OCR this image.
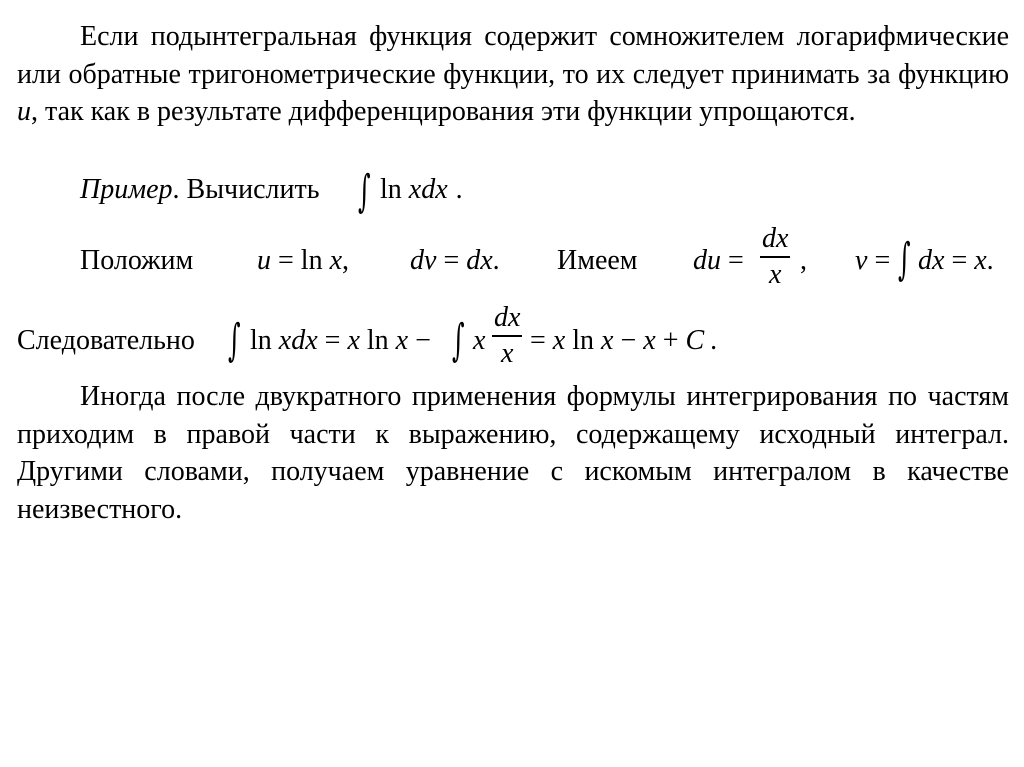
Если подынтегральная функция содержит сомножителем логарифмические или обратные тригонометрические функции, то их следует принимать за функцию u, так как в результате дифференцирования эти функции упрощаются.
Пример. Вычислить ∫ ln xdx .
Положим u = ln x, dv = dx. Имеем du =
dx
x , v = ∫ dx = x.
Следовательно ∫ ln xdx = x ln x − ∫ x
dx
x = x ln x − x + C .
Иногда после двукратного применения формулы интегрирования по частям приходим в правой части к выражению, содержащему исходный интеграл. Другими словами, получаем уравнение с искомым интегралом в качестве неизвестного.
